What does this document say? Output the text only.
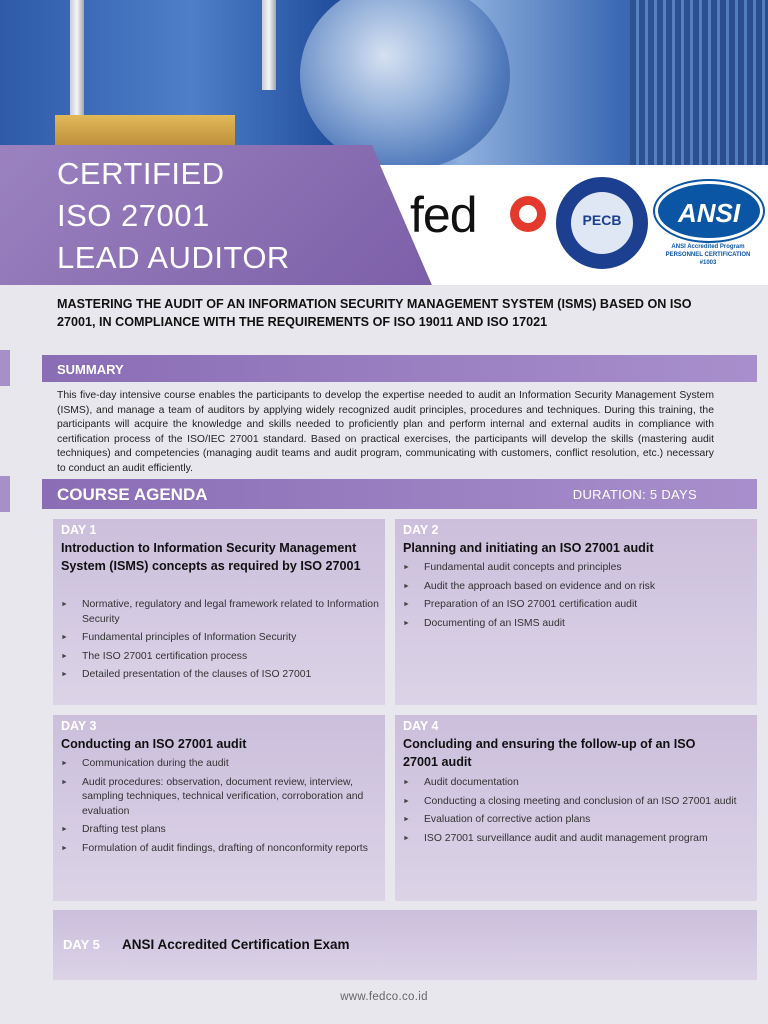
CERTIFIED
ISO 27001
LEAD AUDITOR
fed	PECB	ANSI
ANSI Accredited Program
PERSONNEL CERTIFICATION
#1003
MASTERING THE AUDIT OF AN INFORMATION SECURITY MANAGEMENT SYSTEM (ISMS) BASED ON ISO 27001, IN COMPLIANCE WITH THE REQUIREMENTS OF ISO 19011 AND ISO 17021
SUMMARY
This five-day intensive course enables the participants to develop the expertise needed to audit an Information Security Management System (ISMS), and manage a team of auditors by applying widely recognized audit principles, procedures and techniques. During this training, the participants will acquire the knowledge and skills needed to proficiently plan and perform internal and external audits in compliance with certification process of the ISO/IEC 27001 standard. Based on practical exercises, the participants will develop the skills (mastering audit techniques) and competencies (managing audit teams and audit program, communicating with customers, conflict resolution, etc.) necessary to conduct an audit efficiently.
COURSE AGENDA	DURATION: 5 DAYS
DAY 1
Introduction to Information Security Management System (ISMS) concepts as required by ISO 27001
► Normative, regulatory and legal framework related to Information Security
► Fundamental principles of Information Security
► The ISO 27001 certification process
► Detailed presentation of the clauses of ISO 27001
DAY 2
Planning and initiating an ISO 27001 audit
► Fundamental audit concepts and principles
► Audit the approach based on evidence and on risk
► Preparation of an ISO 27001 certification audit
► Documenting of an ISMS audit
DAY 3
Conducting an ISO 27001 audit
► Communication during the audit
► Audit procedures: observation, document review, interview, sampling techniques, technical verification, corroboration and evaluation
► Drafting test plans
► Formulation of audit findings, drafting of nonconformity reports
DAY 4
Concluding and ensuring the follow-up of an ISO 27001 audit
► Audit documentation
► Conducting a closing meeting and conclusion of an ISO 27001 audit
► Evaluation of corrective action plans
► ISO 27001 surveillance audit and audit management program
DAY 5 ANSI Accredited Certification Exam
www.fedco.co.id
